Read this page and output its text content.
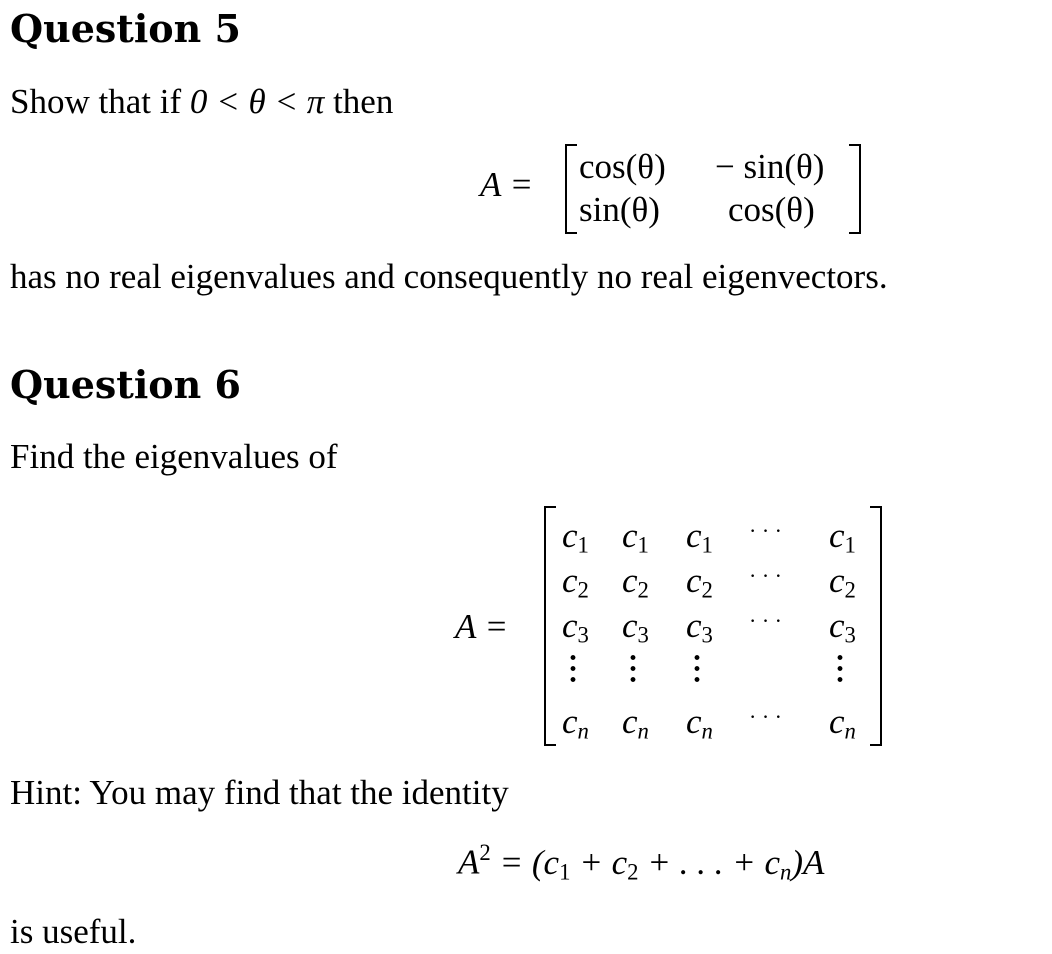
Question 5
Show that if 0 < θ < π then
A = cos(θ) − sin(θ)
sin(θ) cos(θ)
has no real eigenvalues and consequently no real eigenvectors.
Question 6
Find the eigenvalues of
A =
$c_1$ $c_1$ $c_1$
· · · $c_1$
$c_2$ $c_2$ $c_2$
· · · $c_2$
$c_3$ $c_3$ $c_3$
· · · $c_3$
$c_n$ $c_n$ $c_n$
· · · $c_n$
Hint: You may find that the identity
$A^2 = (c_1 + c_2$ + . . . + $c_n)A$
is useful.
